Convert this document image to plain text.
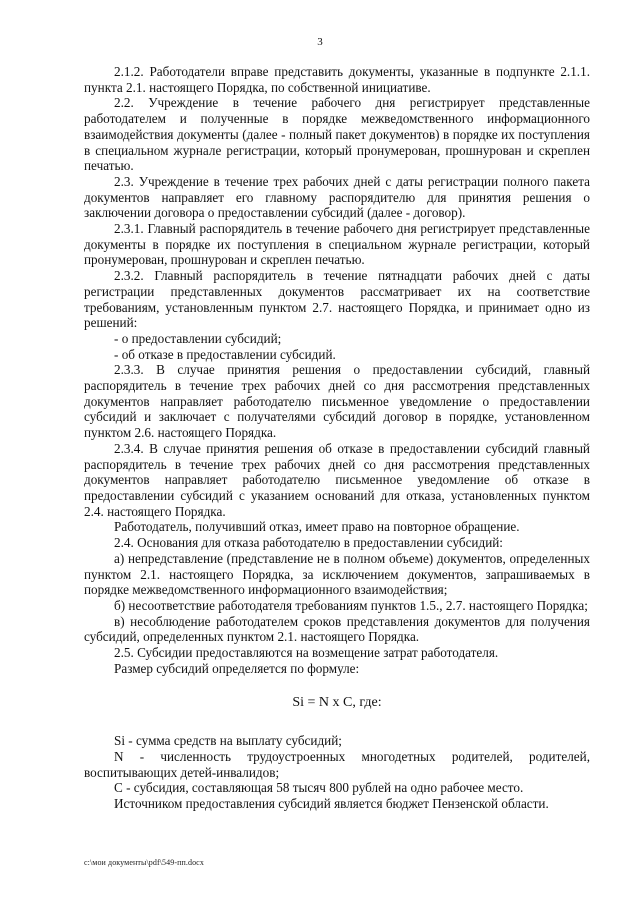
3

2.1.2. Работодатели вправе представить документы, указанные в подпункте 2.1.1. пункта 2.1. настоящего Порядка, по собственной инициативе.

2.2. Учреждение в течение рабочего дня регистрирует представленные работодателем и полученные в порядке межведомственного информационного взаимодействия документы (далее - полный пакет документов) в порядке их поступления в специальном журнале регистрации, который пронумерован, прошнурован и скреплен печатью.

2.3. Учреждение в течение трех рабочих дней с даты регистрации полного пакета документов направляет его главному распорядителю для принятия решения о заключении договора о предоставлении субсидий (далее - договор).

2.3.1. Главный распорядитель в течение рабочего дня регистрирует представленные документы в порядке их поступления в специальном журнале регистрации, который пронумерован, прошнурован и скреплен печатью.

2.3.2. Главный распорядитель в течение пятнадцати рабочих дней с даты регистрации представленных документов рассматривает их на соответствие требованиям, установленным пунктом 2.7. настоящего Порядка, и принимает одно из решений:

- о предоставлении субсидий;

- об отказе в предоставлении субсидий.

2.3.3. В случае принятия решения о предоставлении субсидий, главный распорядитель в течение трех рабочих дней со дня рассмотрения представленных документов направляет работодателю письменное уведомление о предоставлении субсидий и заключает с получателями субсидий договор в порядке, установленном пунктом 2.6. настоящего Порядка.

2.3.4. В случае принятия решения об отказе в предоставлении субсидий главный распорядитель в течение трех рабочих дней со дня рассмотрения представленных документов направляет работодателю письменное уведомление об отказе в предоставлении субсидий с указанием оснований для отказа, установленных пунктом 2.4. настоящего Порядка.

Работодатель, получивший отказ, имеет право на повторное обращение.

2.4. Основания для отказа работодателю в предоставлении субсидий:

а) непредставление (представление не в полном объеме) документов, определенных пунктом 2.1. настоящего Порядка, за исключением документов, запрашиваемых в порядке межведомственного информационного взаимодействия;

б) несоответствие работодателя требованиям пунктов 1.5., 2.7. настоящего Порядка;

в) несоблюдение работодателем сроков представления документов для получения субсидий, определенных пунктом 2.1. настоящего Порядка.

2.5. Субсидии предоставляются на возмещение затрат работодателя.

Размер субсидий определяется по формуле:

Si = N x C, где:

Si - сумма средств на выплату субсидий;

N - численность трудоустроенных многодетных родителей, родителей, воспитывающих детей-инвалидов;

C - субсидия, составляющая 58 тысяч 800 рублей на одно рабочее место.

Источником предоставления субсидий является бюджет Пензенской области.

c:\мои документы\pdf\549-пп.docx
